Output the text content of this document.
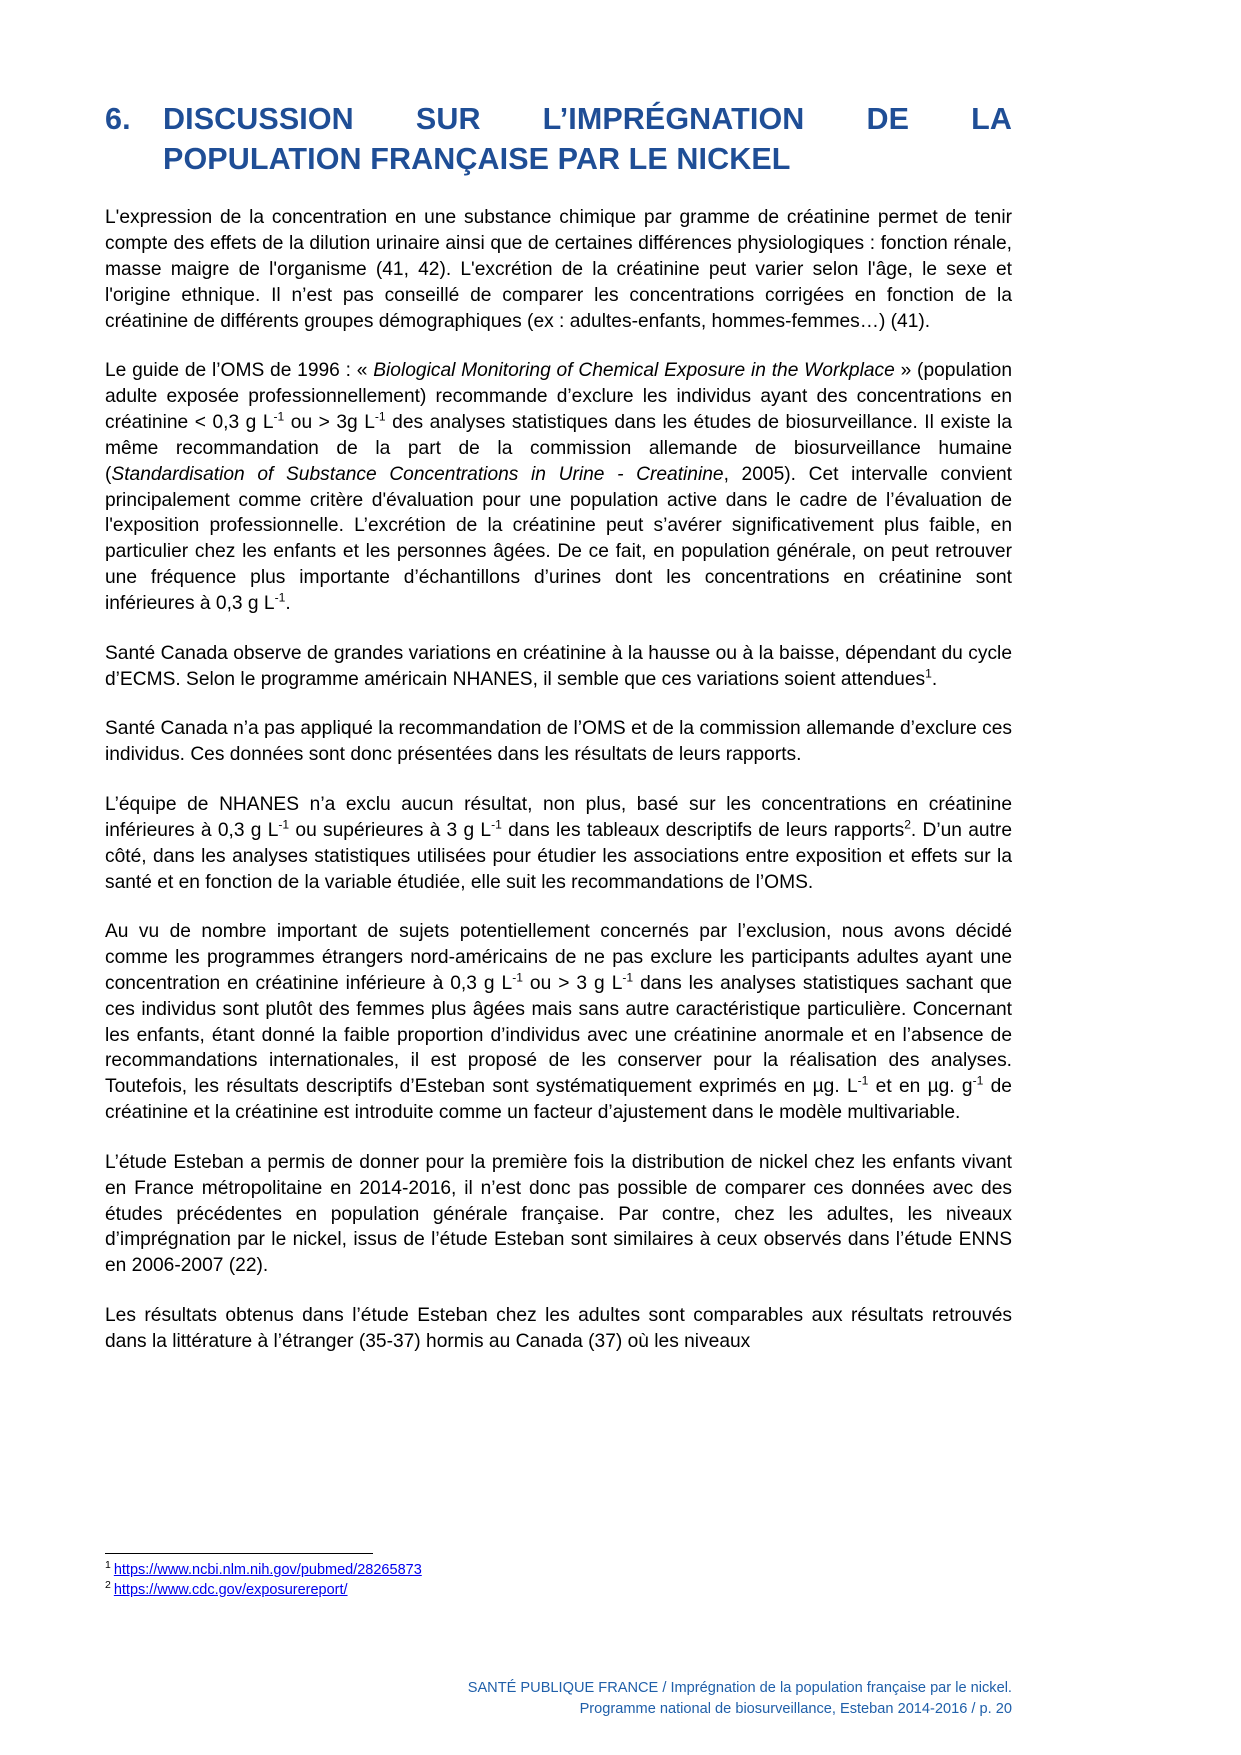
6.	DISCUSSION SUR L’IMPRÉGNATION DE LA
POPULATION FRANÇAISE PAR LE NICKEL

L'expression de la concentration en une substance chimique par gramme de créatinine permet de tenir compte des effets de la dilution urinaire ainsi que de certaines différences physiologiques : fonction rénale, masse maigre de l'organisme (41, 42). L'excrétion de la créatinine peut varier selon l'âge, le sexe et l'origine ethnique. Il n’est pas conseillé de comparer les concentrations corrigées en fonction de la créatinine de différents groupes démographiques (ex : adultes-enfants, hommes-femmes…) (41).

Le guide de l’OMS de 1996 : « Biological Monitoring of Chemical Exposure in the Workplace » (population adulte exposée professionnellement) recommande d’exclure les individus ayant des concentrations en créatinine < 0,3 g $L^{-1}$ ou > 3g $L^{-1}$ des analyses statistiques dans les études de biosurveillance. Il existe la même recommandation de la part de la commission allemande de biosurveillance humaine (Standardisation of Substance Concentrations in Urine - Creatinine, 2005). Cet intervalle convient principalement comme critère d'évaluation pour une population active dans le cadre de l’évaluation de l'exposition professionnelle. L’excrétion de la créatinine peut s’avérer significativement plus faible, en particulier chez les enfants et les personnes âgées. De ce fait, en population générale, on peut retrouver une fréquence plus importante d’échantillons d’urines dont les concentrations en créatinine sont inférieures à 0,3 g $L^{-1}$.

Santé Canada observe de grandes variations en créatinine à la hausse ou à la baisse, dépendant du cycle d’ECMS. Selon le programme américain NHANES, il semble que ces variations soient attendues$^1$.

Santé Canada n’a pas appliqué la recommandation de l’OMS et de la commission allemande d’exclure ces individus. Ces données sont donc présentées dans les résultats de leurs rapports.

L’équipe de NHANES n’a exclu aucun résultat, non plus, basé sur les concentrations en créatinine inférieures à 0,3 g $L^{-1}$ ou supérieures à 3 g $L^{-1}$ dans les tableaux descriptifs de leurs rapports$^2$. D’un autre côté, dans les analyses statistiques utilisées pour étudier les associations entre exposition et effets sur la santé et en fonction de la variable étudiée, elle suit les recommandations de l’OMS.

Au vu de nombre important de sujets potentiellement concernés par l’exclusion, nous avons décidé comme les programmes étrangers nord-américains de ne pas exclure les participants adultes ayant une concentration en créatinine inférieure à 0,3 g $L^{-1}$ ou > 3 g $L^{-1}$ dans les analyses statistiques sachant que ces individus sont plutôt des femmes plus âgées mais sans autre caractéristique particulière. Concernant les enfants, étant donné la faible proportion d’individus avec une créatinine anormale et en l’absence de recommandations internationales, il est proposé de les conserver pour la réalisation des analyses. Toutefois, les résultats descriptifs d’Esteban sont systématiquement exprimés en µg. $L^{-1}$ et en µg. $g^{-1}$ de créatinine et la créatinine est introduite comme un facteur d’ajustement dans le modèle multivariable.

L’étude Esteban a permis de donner pour la première fois la distribution de nickel chez les enfants vivant en France métropolitaine en 2014-2016, il n’est donc pas possible de comparer ces données avec des études précédentes en population générale française. Par contre, chez les adultes, les niveaux d’imprégnation par le nickel, issus de l’étude Esteban sont similaires à ceux observés dans l’étude ENNS en 2006-2007 (22).

Les résultats obtenus dans l’étude Esteban chez les adultes sont comparables aux résultats retrouvés dans la littérature à l’étranger (35-37) hormis au Canada (37) où les niveaux

$^1$ https://www.ncbi.nlm.nih.gov/pubmed/28265873
$^2$ https://www.cdc.gov/exposurereport/
SANTÉ PUBLIQUE FRANCE / Imprégnation de la population française par le nickel.
Programme national de biosurveillance, Esteban 2014-2016 / p. 20
